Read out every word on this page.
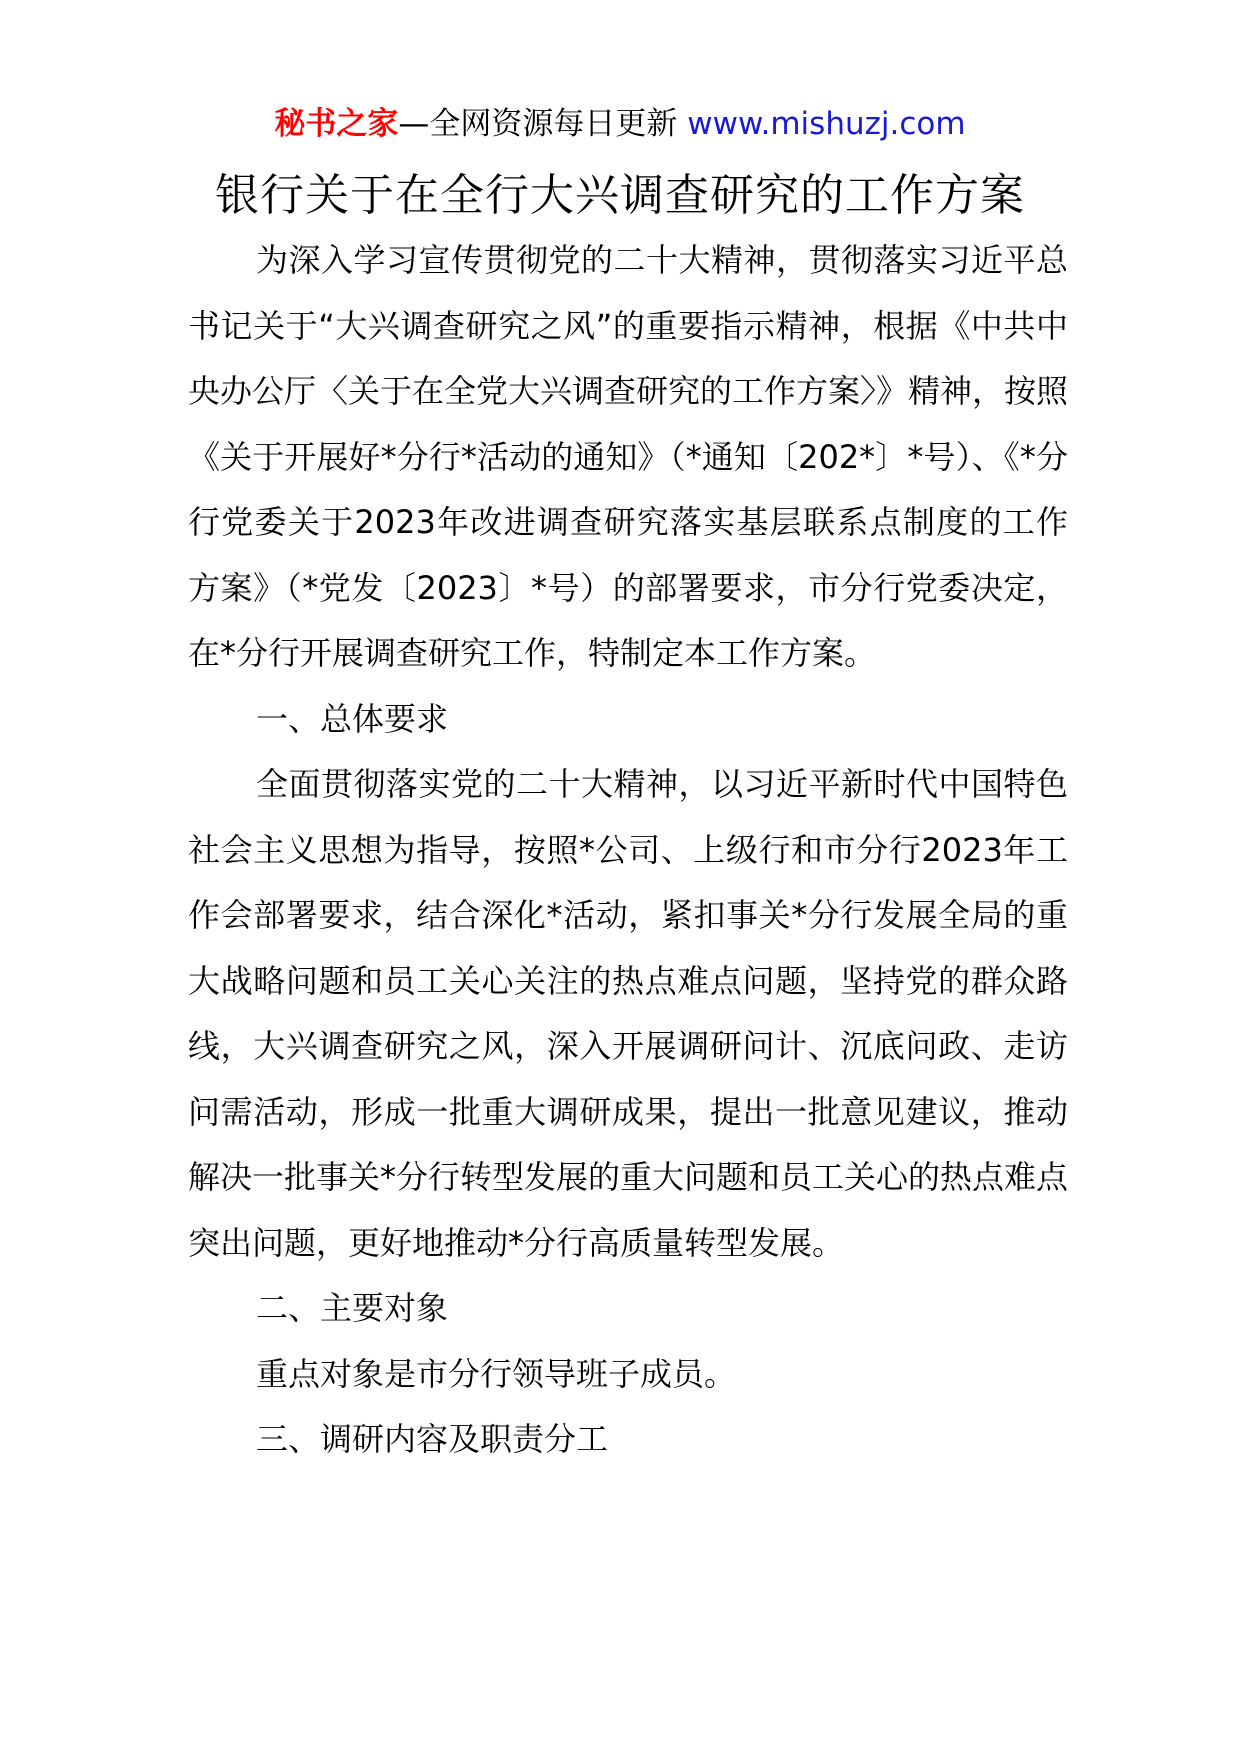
秘书之家—全网资源每日更新 www.mishuzj.com
银行关于在全行大兴调查研究的工作方案

为深入学习宣传贯彻党的二十大精神，贯彻落实习近平总书记关于“大兴调查研究之风”的重要指示精神，根据《中共中央办公厅〈关于在全党大兴调查研究的工作方案〉》精神，按照《关于开展好*分行*活动的通知》（*通知〔202*〕*号）、《*分行党委关于2023年改进调查研究落实基层联系点制度的工作方案》（*党发〔2023〕*号）的部署要求，市分行党委决定，在*分行开展调查研究工作，特制定本工作方案。

一、总体要求

全面贯彻落实党的二十大精神，以习近平新时代中国特色社会主义思想为指导，按照*公司、上级行和市分行2023年工作会部署要求，结合深化*活动，紧扣事关*分行发展全局的重大战略问题和员工关心关注的热点难点问题，坚持党的群众路线，大兴调查研究之风，深入开展调研问计、沉底问政、走访问需活动，形成一批重大调研成果，提出一批意见建议，推动解决一批事关*分行转型发展的重大问题和员工关心的热点难点突出问题，更好地推动*分行高质量转型发展。

二、主要对象

重点对象是市分行领导班子成员。

三、调研内容及职责分工
